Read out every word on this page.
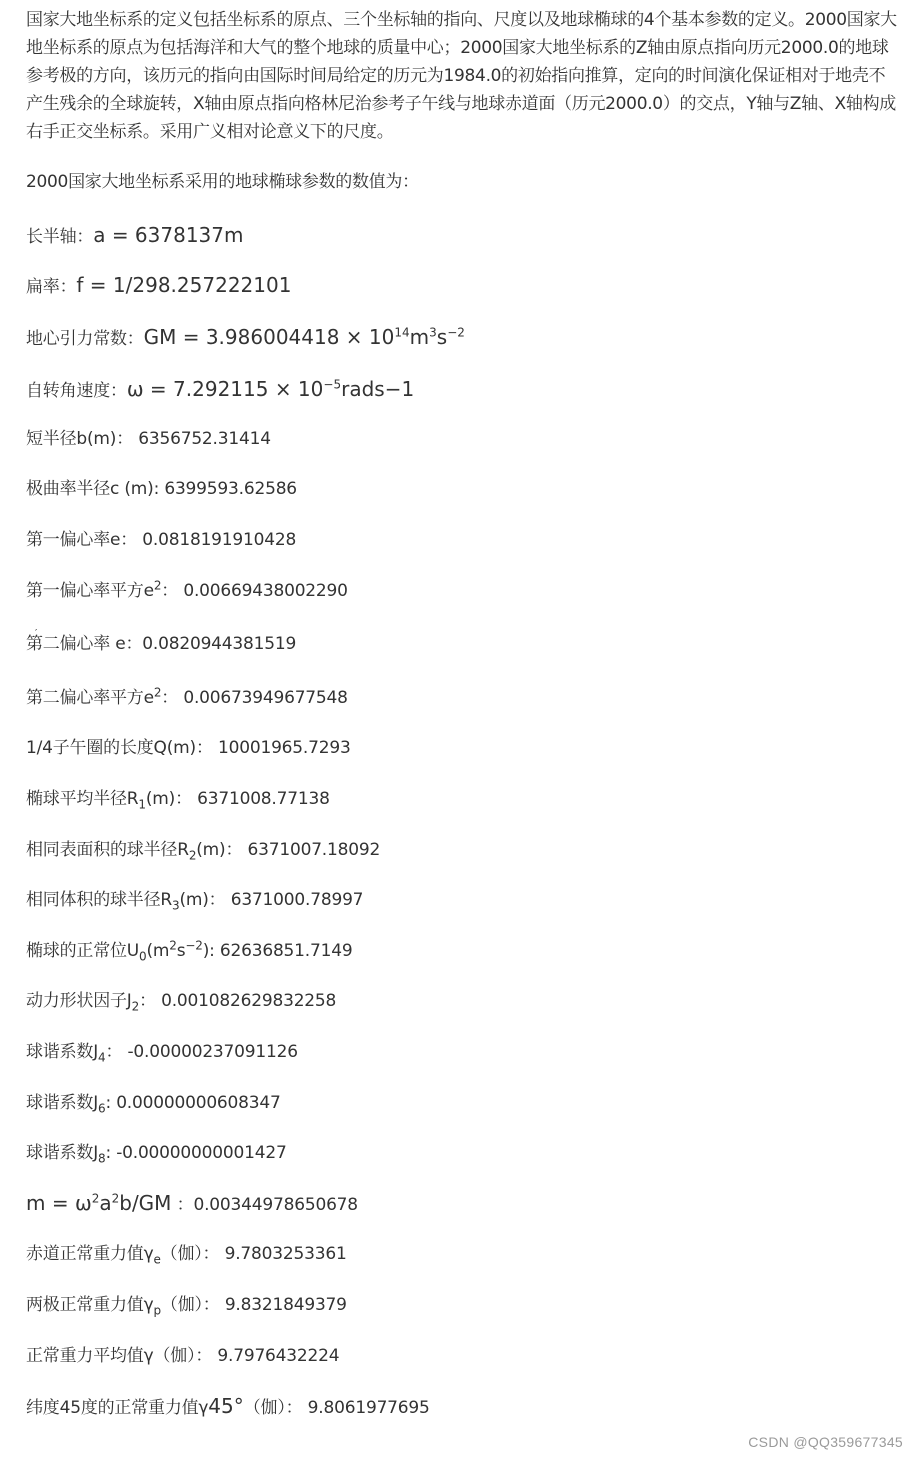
国家大地坐标系的定义包括坐标系的原点、三个坐标轴的指向、尺度以及地球椭球的4个基本参数的定义。2000国家大地坐标系的原点为包括海洋和大气的整个地球的质量中心；2000国家大地坐标系的Z轴由原点指向历元2000.0的地球参考极的方向，该历元的指向由国际时间局给定的历元为1984.0的初始指向推算，定向的时间演化保证相对于地壳不产生残余的全球旋转，X轴由原点指向格林尼治参考子午线与地球赤道面（历元2000.0）的交点，Y轴与Z轴、X轴构成右手正交坐标系。采用广义相对论意义下的尺度。

2000国家大地坐标系采用的地球椭球参数的数值为：

长半轴：a = 6378137m
扁率：f = 1/298.257222101
地心引力常数：GM = $3.986004418 \times 10^{14}m^3s^{-2}$
自转角速度：$\omega = 7.292115 \times 10^{-5}rads-1$
短半径b(m)： 6356752.31414
极曲率半径c (m): 6399593.62586
第一偏心率e： 0.0818191910428
第一偏心率平方$e^2$： 0.00669438002290
第二偏心率 e ′：0.0820944381519
第二偏心率平方$e^2$： 0.00673949677548
1/4子午圈的长度Q(m)： 10001965.7293
椭球平均半径$R_1(m)$： 6371008.77138
相同表面积的球半径$R_2(m)$： 6371007.18092
相同体积的球半径$R_3(m)$： 6371000.78997
椭球的正常位$U_0(m^2s^{-2})$: 62636851.7149
动力形状因子$J_2$： 0.001082629832258
球谐系数$J_4$： -0.00000237091126
球谐系数$J_6$: 0.00000000608347
球谐系数$J_8$: -0.00000000001427
$m = \omega^2a^2b/GM$ ：0.00344978650678
赤道正常重力值$\gamma_e$（伽）： 9.7803253361
两极正常重力值$\gamma_p$（伽）： 9.8321849379
正常重力平均值γ（伽）： 9.7976432224
纬度45度的正常重力值γ45°（伽）： 9.8061977695
CSDN @QQ359677345
